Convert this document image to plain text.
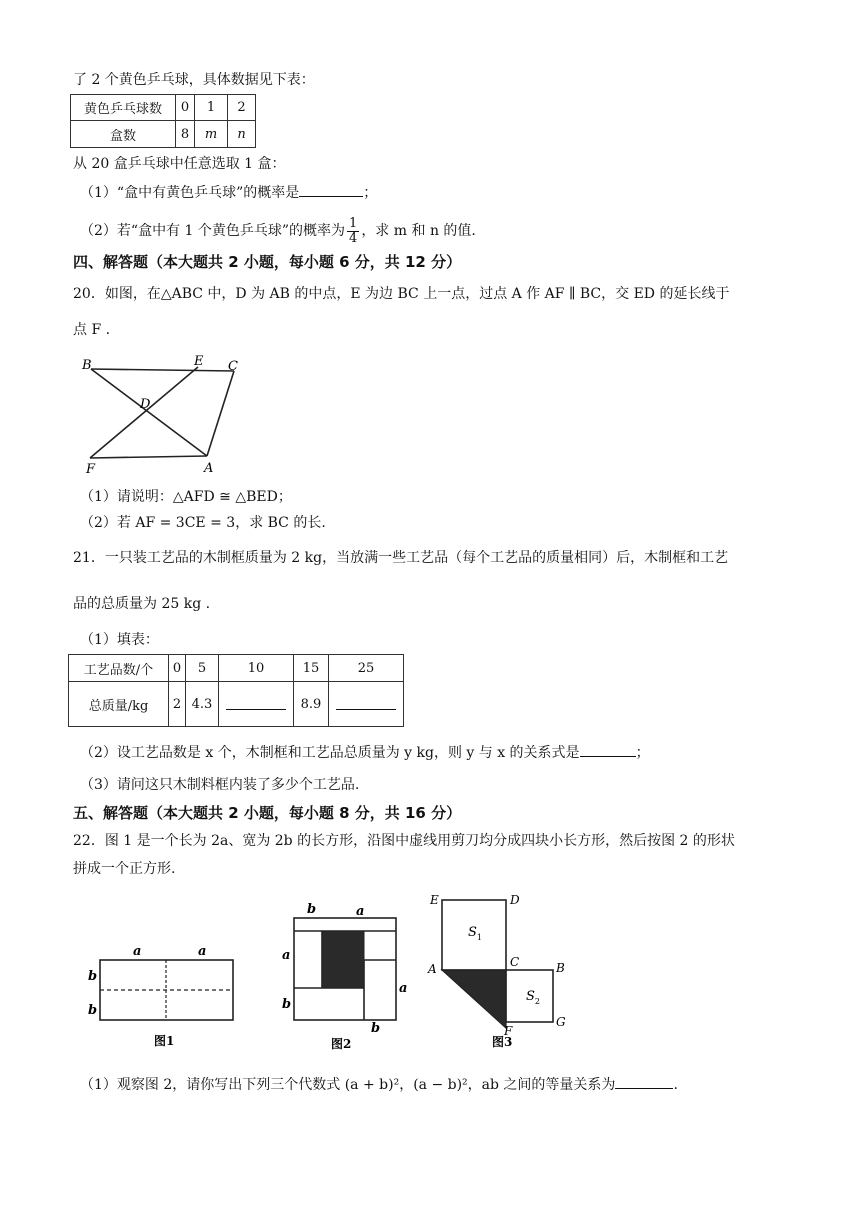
了 2 个黄色乒乓球，具体数据见下表：
黄色乒乓球数	0	1	2
盒数	8	m	n
从 20 盒乒乓球中任意选取 1 盒：
（1）“盒中有黄色乒乓球”的概率是	；
（2）若“盒中有 1 个黄色乒乓球”的概率为 $\frac{1}{4}$ ，求 m 和 n 的值.
四、解答题（本大题共 2 小题，每小题 6 分，共 12 分）
20．如图，在△ABC 中，D 为 AB 的中点，E 为边 BC 上一点，过点 A 作 AF ∥ BC，交 ED 的延长线于
点 F .
B	E C
D
F	A
（1）请说明：△AFD ≅ △BED；
（2）若 AF = 3CE = 3，求 BC 的长.
21．一只装工艺品的木制框质量为 2 kg，当放满一些工艺品（每个工艺品的质量相同）后，木制框和工艺
品的总质量为 25 kg .
（1）填表：
工艺品数/个	0	5	10	15	25
总质量/kg	2	4.3		8.9	
（2）设工艺品数是 x 个，木制框和工艺品总质量为 y kg，则 y 与 x 的关系式是	；
（3）请问这只木制料框内装了多少个工艺品.
五、解答题（本大题共 2 小题，每小题 8 分，共 16 分）
22．图 1 是一个长为 2a、宽为 2b 的长方形，沿图中虚线用剪刀均分成四块小长方形，然后按图 2 的形状
拼成一个正方形.
a	a
b
b
图1
b	a
a
b
a
b
图2
E	D
$S_1$
A	C	B
$S_2$
F
G
图3
（1）观察图 2，请你写出下列三个代数式 (a + b)²，(a − b)²，ab 之间的等量关系为	.
